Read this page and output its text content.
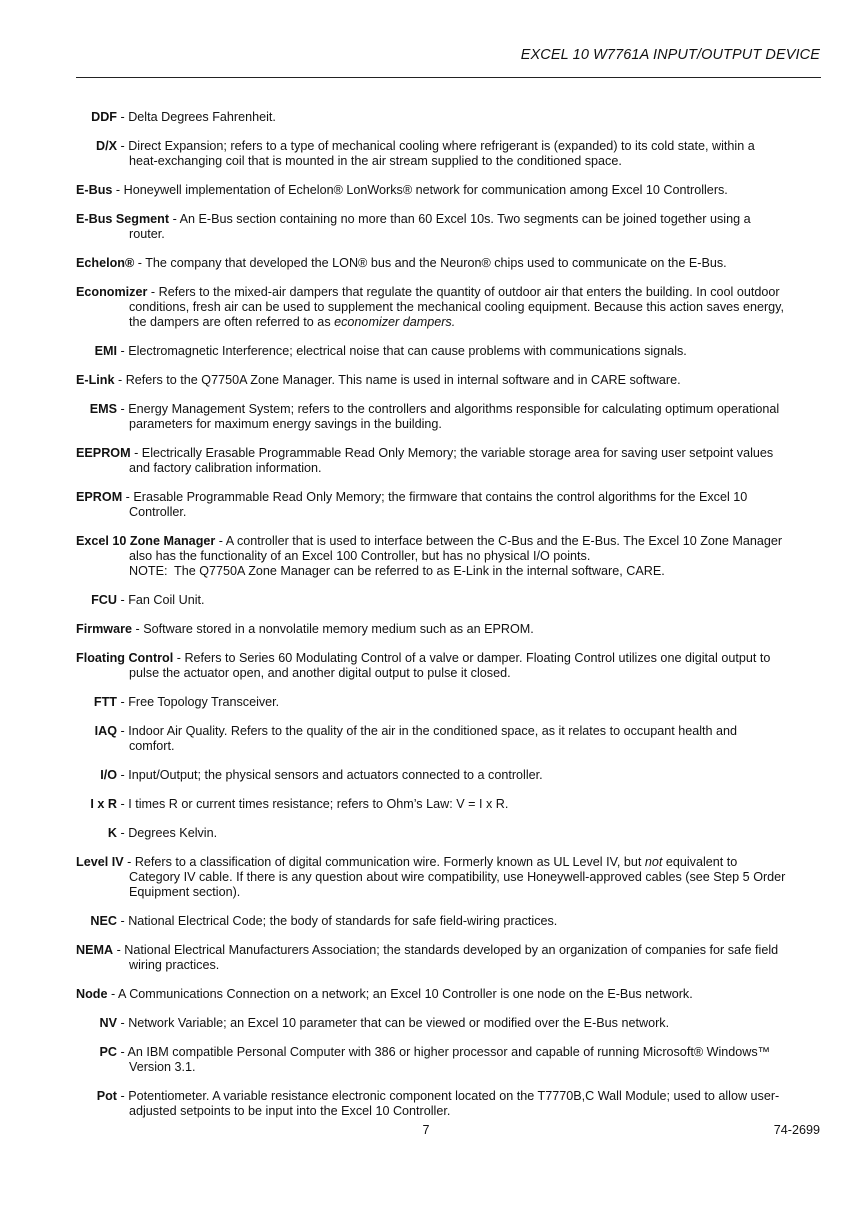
EXCEL 10 W7761A INPUT/OUTPUT DEVICE
DDF - Delta Degrees Fahrenheit.
D/X - Direct Expansion; refers to a type of mechanical cooling where refrigerant is (expanded) to its cold state, within a
heat-exchanging coil that is mounted in the air stream supplied to the conditioned space.
E-Bus - Honeywell implementation of Echelon® LonWorks® network for communication among Excel 10 Controllers.
E-Bus Segment - An E-Bus section containing no more than 60 Excel 10s. Two segments can be joined together using a
router.
Echelon® - The company that developed the LON® bus and the Neuron® chips used to communicate on the E-Bus.
Economizer - Refers to the mixed-air dampers that regulate the quantity of outdoor air that enters the building. In cool outdoor
conditions, fresh air can be used to supplement the mechanical cooling equipment. Because this action saves energy,
the dampers are often referred to as economizer dampers.
EMI - Electromagnetic Interference; electrical noise that can cause problems with communications signals.
E-Link - Refers to the Q7750A Zone Manager. This name is used in internal software and in CARE software.
EMS - Energy Management System; refers to the controllers and algorithms responsible for calculating optimum operational
parameters for maximum energy savings in the building.
EEPROM - Electrically Erasable Programmable Read Only Memory; the variable storage area for saving user setpoint values
and factory calibration information.
EPROM - Erasable Programmable Read Only Memory; the firmware that contains the control algorithms for the Excel 10
Controller.
Excel 10 Zone Manager - A controller that is used to interface between the C-Bus and the E-Bus. The Excel 10 Zone Manager
also has the functionality of an Excel 100 Controller, but has no physical I/O points.
NOTE: The Q7750A Zone Manager can be referred to as E-Link in the internal software, CARE.
FCU - Fan Coil Unit.
Firmware - Software stored in a nonvolatile memory medium such as an EPROM.
Floating Control - Refers to Series 60 Modulating Control of a valve or damper. Floating Control utilizes one digital output to
pulse the actuator open, and another digital output to pulse it closed.
FTT - Free Topology Transceiver.
IAQ - Indoor Air Quality. Refers to the quality of the air in the conditioned space, as it relates to occupant health and
comfort.
I/O - Input/Output; the physical sensors and actuators connected to a controller.
I x R - I times R or current times resistance; refers to Ohm’s Law: V = I x R.
K - Degrees Kelvin.
Level IV - Refers to a classification of digital communication wire. Formerly known as UL Level IV, but not equivalent to
Category IV cable. If there is any question about wire compatibility, use Honeywell-approved cables (see Step 5 Order
Equipment section).
NEC - National Electrical Code; the body of standards for safe field-wiring practices.
NEMA - National Electrical Manufacturers Association; the standards developed by an organization of companies for safe field
wiring practices.
Node - A Communications Connection on a network; an Excel 10 Controller is one node on the E-Bus network.
NV - Network Variable; an Excel 10 parameter that can be viewed or modified over the E-Bus network.
PC - An IBM compatible Personal Computer with 386 or higher processor and capable of running Microsoft® Windows™
Version 3.1.
Pot - Potentiometer. A variable resistance electronic component located on the T7770B,C Wall Module; used to allow user-
adjusted setpoints to be input into the Excel 10 Controller.
7	74-2699
